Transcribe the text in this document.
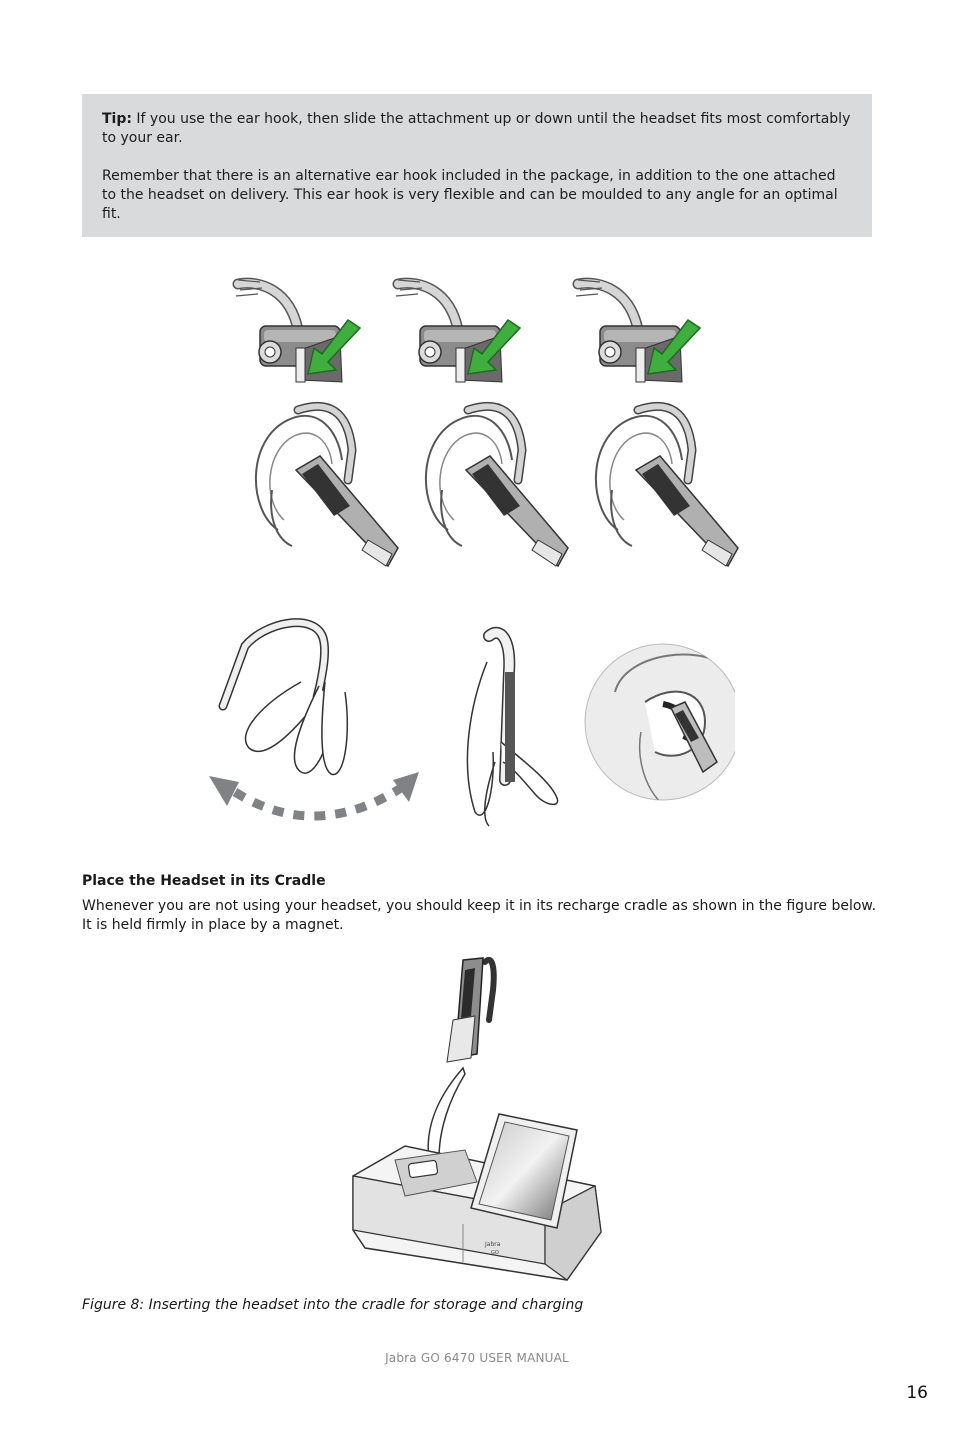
Tip: If you use the ear hook, then slide the attachment up or down until the headset fits most comfortably to your ear.

Remember that there is an alternative ear hook included in the package, in addition to the one attached to the headset on delivery. This ear hook is very flexible and can be moulded to any angle for an optimal fit.

Place the Headset in its Cradle

Whenever you are not using your headset, you should keep it in its recharge cradle as shown in the figure below. It is held firmly in place by a magnet.

Jabra
GO

Figure 8: Inserting the headset into the cradle for storage and charging

Jabra GO 6470 USER MANUAL
16
